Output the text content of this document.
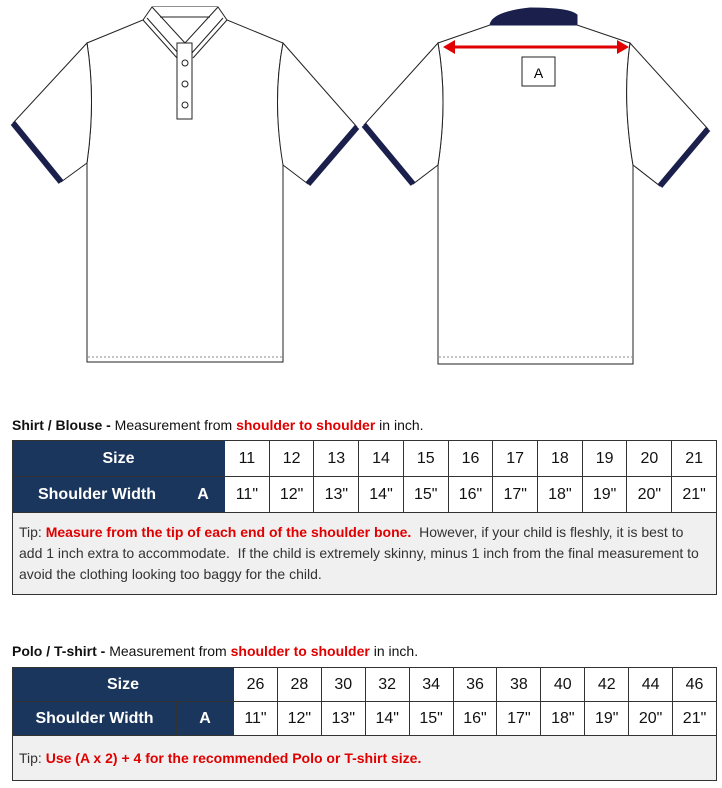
A
Shirt / Blouse - Measurement from shoulder to shoulder in inch.
Size		11	12	13	14	15	16	17	18	19	20	21
Shoulder Width	A	11"	12"	13"	14"	15"	16"	17"	18"	19"	20"	21"
Tip: Measure from the tip of each end of the shoulder bone.  However, if your child is fleshly, it is best to add 1 inch extra to accommodate.  If the child is extremely skinny, minus 1 inch from the final measurement to avoid the clothing looking too baggy for the child.												
Polo / T-shirt - Measurement from shoulder to shoulder in inch.
Size		26	28	30	32	34	36	38	40	42	44	46
Shoulder Width	A	11"	12"	13"	14"	15"	16"	17"	18"	19"	20"	21"
Tip: Use (A x 2) + 4 for the recommended Polo or T-shirt size.												
